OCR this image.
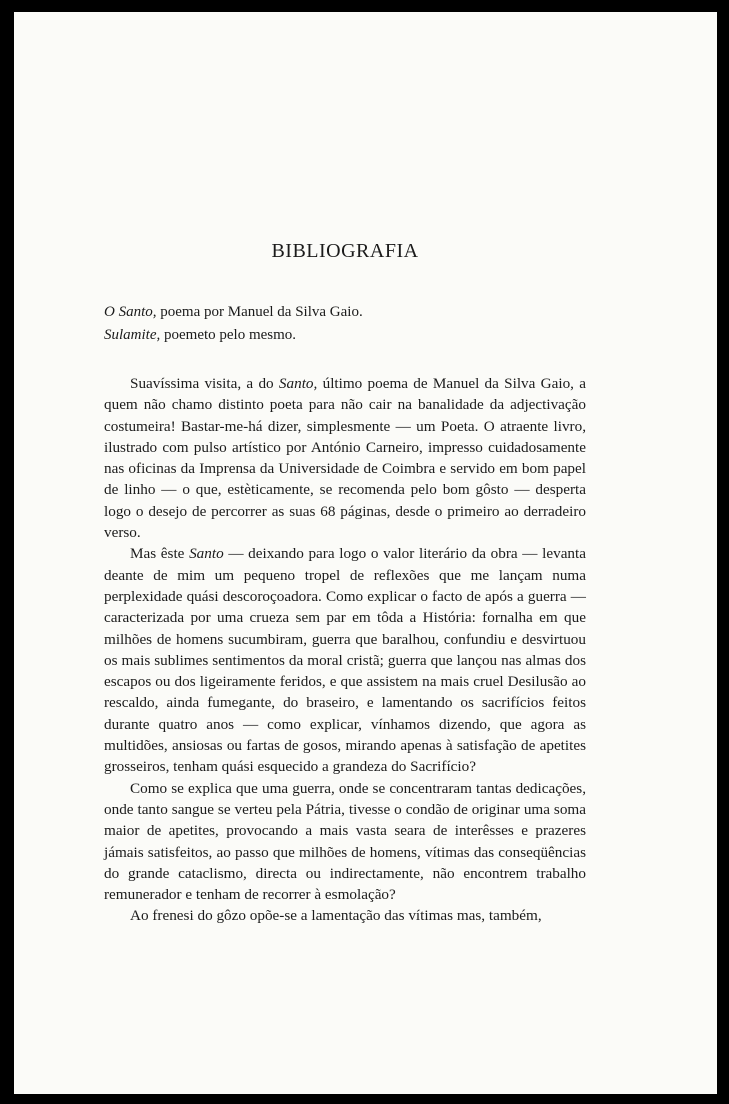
BIBLIOGRAFIA
O Santo, poema por Manuel da Silva Gaio.
Sulamite, poemeto pelo mesmo.

Suavíssima visita, a do Santo, último poema de Manuel da Silva Gaio, a quem não chamo distinto poeta para não cair na banalidade da adjectivação costumeira! Bastar-me-há dizer, simplesmente — um Poeta. O atraente livro, ilustrado com pulso artístico por António Carneiro, impresso cuidadosamente nas oficinas da Imprensa da Universidade de Coimbra e servido em bom papel de linho — o que, estèticamente, se recomenda pelo bom gôsto — desperta logo o desejo de percorrer as suas 68 páginas, desde o primeiro ao derradeiro verso.

Mas êste Santo — deixando para logo o valor literário da obra — levanta deante de mim um pequeno tropel de reflexões que me lançam numa perplexidade quási descoroçoadora. Como explicar o facto de após a guerra — caracterizada por uma crueza sem par em tôda a História: fornalha em que milhões de homens sucumbiram, guerra que baralhou, confundiu e desvirtuou os mais sublimes sentimentos da moral cristã; guerra que lançou nas almas dos escapos ou dos ligeiramente feridos, e que assistem na mais cruel Desilusão ao rescaldo, ainda fumegante, do braseiro, e lamentando os sacrifícios feitos durante quatro anos — como explicar, vínhamos dizendo, que agora as multidões, ansiosas ou fartas de gosos, mirando apenas à satisfação de apetites grosseiros, tenham quási esquecido a grandeza do Sacrifício?

Como se explica que uma guerra, onde se concentraram tantas dedicações, onde tanto sangue se verteu pela Pátria, tivesse o condão de originar uma soma maior de apetites, provocando a mais vasta seara de interêsses e prazeres jámais satisfeitos, ao passo que milhões de homens, vítimas das conseqüências do grande cataclismo, directa ou indirectamente, não encontrem trabalho remunerador e tenham de recorrer à esmolação?

Ao frenesi do gôzo opõe-se a lamentação das vítimas mas, também,
